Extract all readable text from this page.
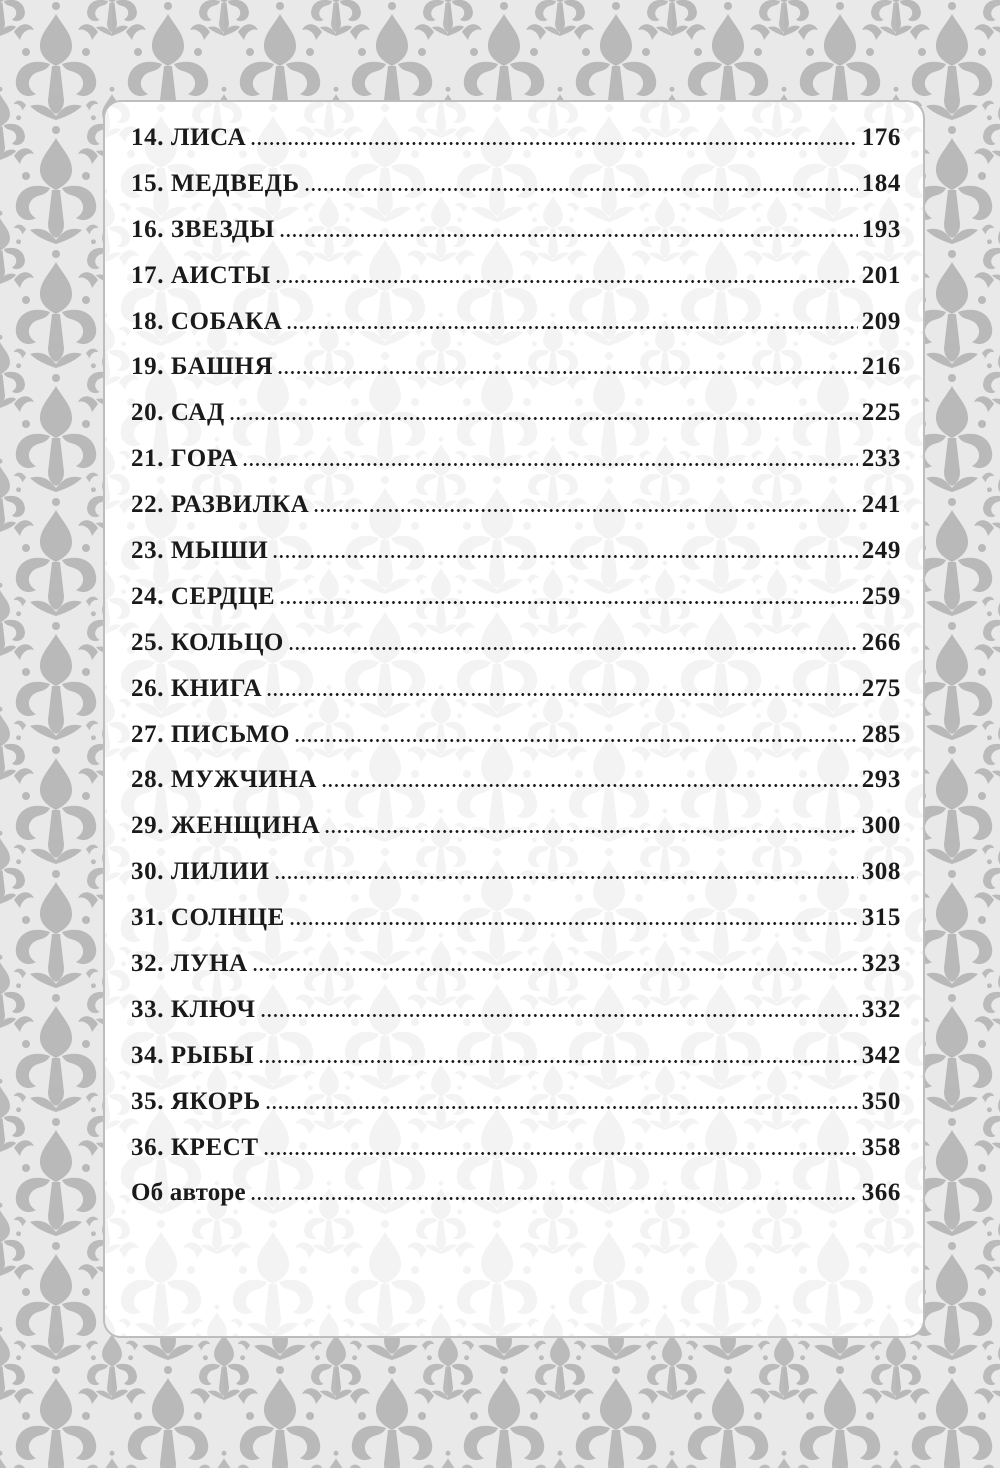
14. ЛИСА	176
15. МЕДВЕДЬ	184
16. ЗВЕЗДЫ	193
17. АИСТЫ	201
18. СОБАКА	209
19. БАШНЯ	216
20. САД	225
21. ГОРА	233
22. РАЗВИЛКА	241
23. МЫШИ	249
24. СЕРДЦЕ	259
25. КОЛЬЦО	266
26. КНИГА	275
27. ПИСЬМО	285
28. МУЖЧИНА	293
29. ЖЕНЩИНА	300
30. ЛИЛИИ	308
31. СОЛНЦЕ	315
32. ЛУНА	323
33. КЛЮЧ	332
34. РЫБЫ	342
35. ЯКОРЬ	350
36. КРЕСТ	358
Об авторе	366
